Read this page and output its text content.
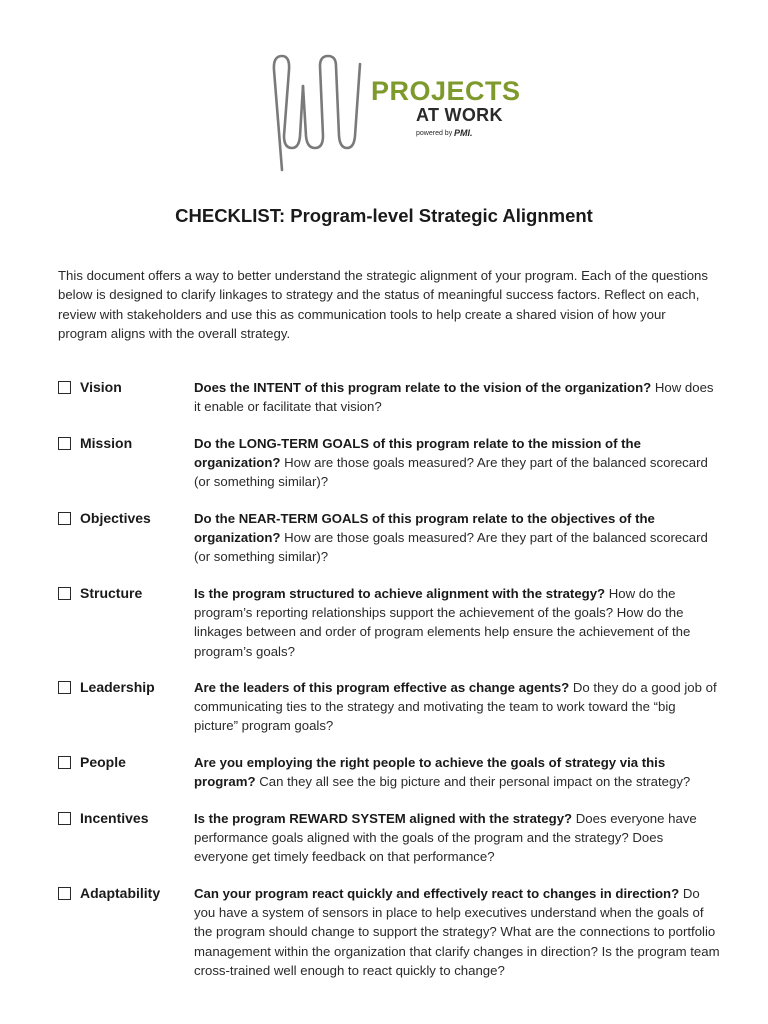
PROJECTS
AT WORK
powered by PMI.
CHECKLIST: Program-level Strategic Alignment

This document offers a way to better understand the strategic alignment of your program. Each of the questions below is designed to clarify linkages to strategy and the status of meaningful success factors. Reflect on each, review with stakeholders and use this as communication tools to help create a shared vision of how your program aligns with the overall strategy.

Vision	Does the INTENT of this program relate to the vision of the organization? How does it enable or facilitate that vision?
Mission	Do the LONG-TERM GOALS of this program relate to the mission of the organization? How are those goals measured? Are they part of the balanced scorecard (or something similar)?
Objectives	Do the NEAR-TERM GOALS of this program relate to the objectives of the organization? How are those goals measured? Are they part of the balanced scorecard (or something similar)?
Structure	Is the program structured to achieve alignment with the strategy? How do the program’s reporting relationships support the achievement of the goals? How do the linkages between and order of program elements help ensure the achievement of the program’s goals?
Leadership	Are the leaders of this program effective as change agents? Do they do a good job of communicating ties to the strategy and motivating the team to work toward the “big picture” program goals?
People	Are you employing the right people to achieve the goals of strategy via this program? Can they all see the big picture and their personal impact on the strategy?
Incentives	Is the program REWARD SYSTEM aligned with the strategy? Does everyone have performance goals aligned with the goals of the program and the strategy? Does everyone get timely feedback on that performance?
Adaptability	Can your program react quickly and effectively react to changes in direction? Do you have a system of sensors in place to help executives understand when the goals of the program should change to support the strategy? What are the connections to portfolio management within the organization that clarify changes in direction? Is the program team cross-trained well enough to react quickly to change?
